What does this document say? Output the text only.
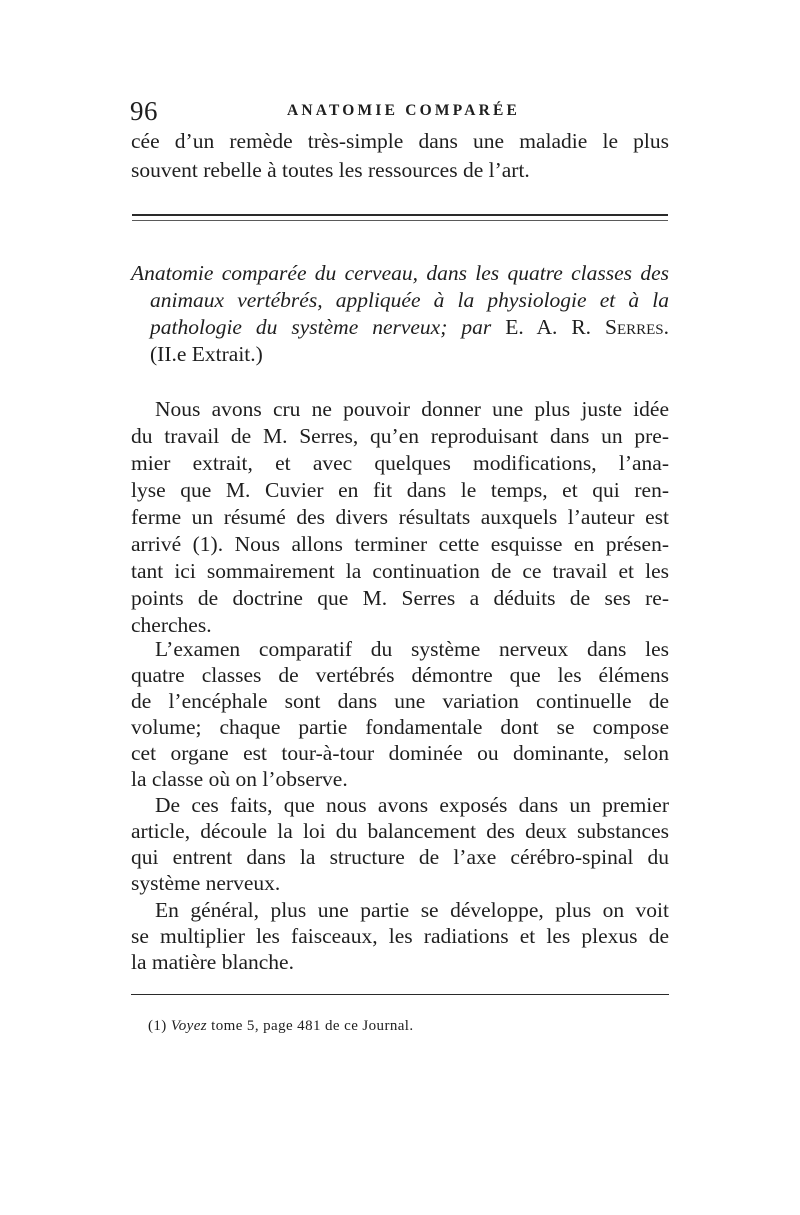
96	ANATOMIE COMPARÉE
cée d’un remède très-simple dans une maladie le plus
souvent rebelle à toutes les ressources de l’art.
Anatomie comparée du cerveau, dans les quatre classes des
animaux vertébrés, appliquée à la physiologie et à la
pathologie du système nerveux; par E. A. R. Serres.
(II.e Extrait.)
Nous avons cru ne pouvoir donner une plus juste idée
du travail de M. Serres, qu’en reproduisant dans un pre-
mier extrait, et avec quelques modifications, l’ana-
lyse que M. Cuvier en fit dans le temps, et qui ren-
ferme un résumé des divers résultats auxquels l’auteur est
arrivé (1). Nous allons terminer cette esquisse en présen-
tant ici sommairement la continuation de ce travail et les
points de doctrine que M. Serres a déduits de ses re-
cherches.
L’examen comparatif du système nerveux dans les
quatre classes de vertébrés démontre que les élémens
de l’encéphale sont dans une variation continuelle de
volume; chaque partie fondamentale dont se compose
cet organe est tour-à-tour dominée ou dominante, selon
la classe où on l’observe.
De ces faits, que nous avons exposés dans un premier
article, découle la loi du balancement des deux substances
qui entrent dans la structure de l’axe cérébro-spinal du
système nerveux.
En général, plus une partie se développe, plus on voit
se multiplier les faisceaux, les radiations et les plexus de
la matière blanche.
(1) Voyez tome 5, page 481 de ce Journal.
